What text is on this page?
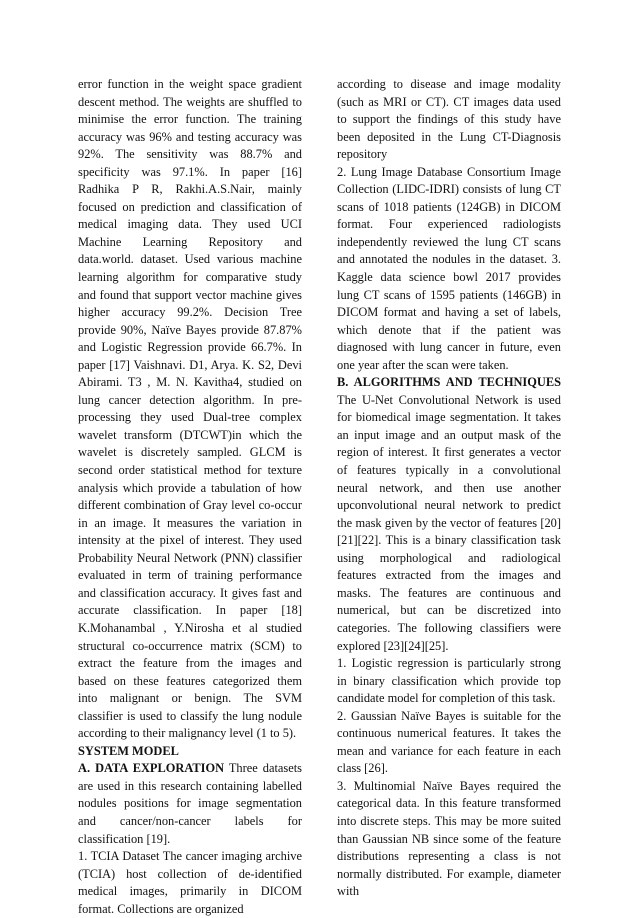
error function in the weight space gradient descent method. The weights are shuffled to minimise the error function. The training accuracy was 96% and testing accuracy was 92%. The sensitivity was 88.7% and specificity was 97.1%. In paper [16] Radhika P R, Rakhi.A.S.Nair, mainly focused on prediction and classification of medical imaging data. They used UCI Machine Learning Repository and data.world. dataset. Used various machine learning algorithm for comparative study and found that support vector machine gives higher accuracy 99.2%. Decision Tree provide 90%, Naïve Bayes provide 87.87% and Logistic Regression provide 66.7%. In paper [17] Vaishnavi. D1, Arya. K. S2, Devi Abirami. T3 , M. N. Kavitha4, studied on lung cancer detection algorithm. In pre-processing they used Dual-tree complex wavelet transform (DTCWT)in which the wavelet is discretely sampled. GLCM is second order statistical method for texture analysis which provide a tabulation of how different combination of Gray level co-occur in an image. It measures the variation in intensity at the pixel of interest. They used Probability Neural Network (PNN) classifier evaluated in term of training performance and classification accuracy. It gives fast and accurate classification. In paper [18] K.Mohanambal , Y.Nirosha et al studied structural co-occurrence matrix (SCM) to extract the feature from the images and based on these features categorized them into malignant or benign. The SVM classifier is used to classify the lung nodule according to their malignancy level (1 to 5).

SYSTEM MODEL

A. DATA EXPLORATION Three datasets are used in this research containing labelled nodules positions for image segmentation and cancer/non-cancer labels for classification [19].

1. TCIA Dataset The cancer imaging archive (TCIA) host collection of de-identified medical images, primarily in DICOM format. Collections are organized

according to disease and image modality (such as MRI or CT). CT images data used to support the findings of this study have been deposited in the Lung CT-Diagnosis repository

2. Lung Image Database Consortium Image Collection (LIDC-IDRI) consists of lung CT scans of 1018 patients (124GB) in DICOM format. Four experienced radiologists independently reviewed the lung CT scans and annotated the nodules in the dataset. 3. Kaggle data science bowl 2017 provides lung CT scans of 1595 patients (146GB) in DICOM format and having a set of labels, which denote that if the patient was diagnosed with lung cancer in future, even one year after the scan were taken.

B. ALGORITHMS AND TECHNIQUES The U-Net Convolutional Network is used for biomedical image segmentation. It takes an input image and an output mask of the region of interest. It first generates a vector of features typically in a convolutional neural network, and then use another upconvolutional neural network to predict the mask given by the vector of features [20][21][22]. This is a binary classification task using morphological and radiological features extracted from the images and masks. The features are continuous and numerical, but can be discretized into categories. The following classifiers were explored [23][24][25].

1. Logistic regression is particularly strong in binary classification which provide top candidate model for completion of this task.

2. Gaussian Naïve Bayes is suitable for the continuous numerical features. It takes the mean and variance for each feature in each class [26].

3. Multinomial Naïve Bayes required the categorical data. In this feature transformed into discrete steps. This may be more suited than Gaussian NB since some of the feature distributions representing a class is not normally distributed. For example, diameter with
